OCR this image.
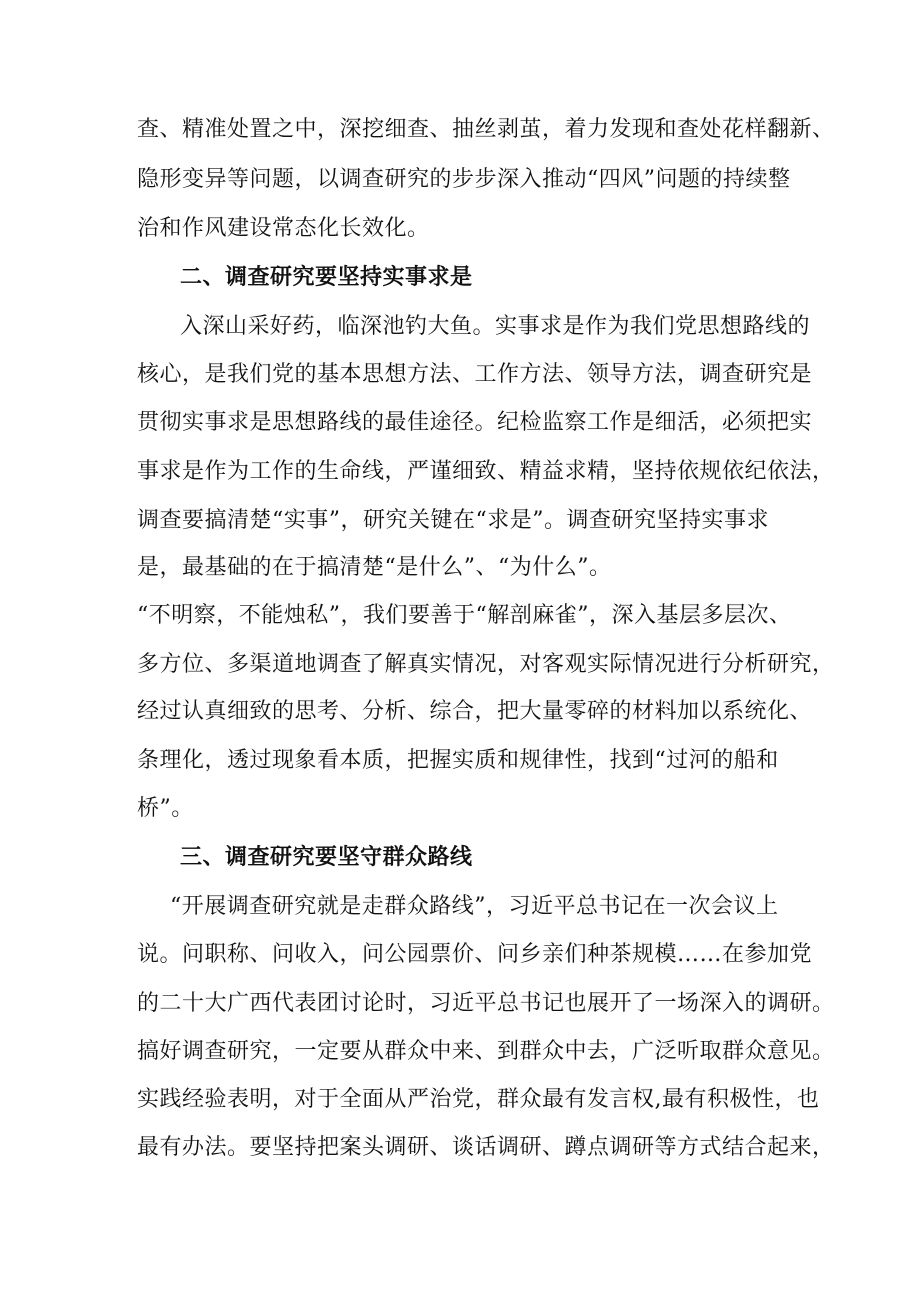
查、精准处置之中，深挖细查、抽丝剥茧，着力发现和查处花样翻新、
隐形变异等问题，以调查研究的步步深入推动“四风”问题的持续整
治和作风建设常态化长效化。
二、调查研究要坚持实事求是
入深山采好药，临深池钓大鱼。实事求是作为我们党思想路线的
核心，是我们党的基本思想方法、工作方法、领导方法，调查研究是
贯彻实事求是思想路线的最佳途径。纪检监察工作是细活，必须把实
事求是作为工作的生命线，严谨细致、精益求精，坚持依规依纪依法，
调查要搞清楚“实事”，研究关键在“求是”。调查研究坚持实事求
是，最基础的在于搞清楚“是什么”、“为什么”。
“不明察，不能烛私”，我们要善于“解剖麻雀”，深入基层多层次、
多方位、多渠道地调查了解真实情况，对客观实际情况进行分析研究，
经过认真细致的思考、分析、综合，把大量零碎的材料加以系统化、
条理化，透过现象看本质，把握实质和规律性，找到“过河的船和
桥”。
三、调查研究要坚守群众路线
“开展调查研究就是走群众路线”，习近平总书记在一次会议上
说。问职称、问收入，问公园票价、问乡亲们种茶规模……在参加党
的二十大广西代表团讨论时，习近平总书记也展开了一场深入的调研。
搞好调查研究，一定要从群众中来、到群众中去，广泛听取群众意见。
实践经验表明，对于全面从严治党，群众最有发言权,最有积极性，也
最有办法。要坚持把案头调研、谈话调研、蹲点调研等方式结合起来，
